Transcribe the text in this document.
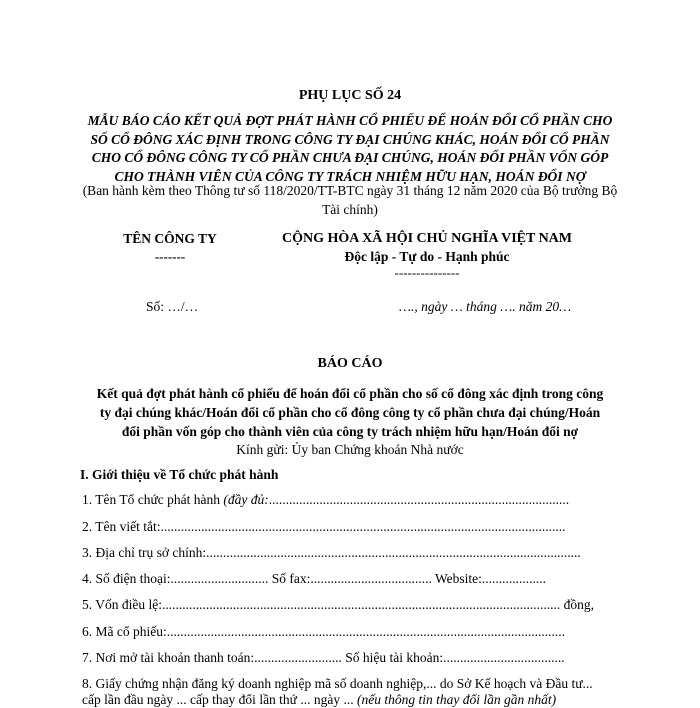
PHỤ LỤC SỐ 24
MẪU BÁO CÁO KẾT QUẢ ĐỢT PHÁT HÀNH CỔ PHIẾU ĐỂ HOÁN ĐỔI CỔ PHẦN CHO SỐ CỔ ĐÔNG XÁC ĐỊNH TRONG CÔNG TY ĐẠI CHÚNG KHÁC, HOÁN ĐỔI CỔ PHẦN CHO CỔ ĐÔNG CÔNG TY CỔ PHẦN CHƯA ĐẠI CHÚNG, HOÁN ĐỔI PHẦN VỐN GÓP CHO THÀNH VIÊN CỦA CÔNG TY TRÁCH NHIỆM HỮU HẠN, HOÁN ĐỔI NỢ
(Ban hành kèm theo Thông tư số 118/2020/TT-BTC ngày 31 tháng 12 năm 2020 của Bộ trưởng Bộ Tài chính)
TÊN CÔNG TY
-------
CỘNG HÒA XÃ HỘI CHỦ NGHĨA VIỆT NAM
Độc lập - Tự do - Hạnh phúc
---------------
Số: …/…	…., ngày … tháng …. năm 20…
BÁO CÁO
Kết quả đợt phát hành cổ phiếu để hoán đổi cổ phần cho số cổ đông xác định trong công ty đại chúng khác/Hoán đổi cổ phần cho cổ đông công ty cổ phần chưa đại chúng/Hoán đổi phần vốn góp cho thành viên của công ty trách nhiệm hữu hạn/Hoán đổi nợ
Kính gửi: Ủy ban Chứng khoán Nhà nước
I. Giới thiệu về Tổ chức phát hành
1. Tên Tổ chức phát hành (đầy đủ:.........................................................................................
2. Tên viết tắt:........................................................................................................................
3. Địa chỉ trụ sở chính:...............................................................................................................
4. Số điện thoại:............................. Số fax:.................................... Website:...................
5. Vốn điều lệ:...................................................................................................................... đồng,
6. Mã cổ phiếu:......................................................................................................................
7. Nơi mở tài khoản thanh toán:.......................... Số hiệu tài khoản:....................................
8. Giấy chứng nhận đăng ký doanh nghiệp mã số doanh nghiệp,... do Sở Kế hoạch và Đầu tư...
cấp lần đầu ngày ... cấp thay đổi lần thứ ... ngày ... (nếu thông tin thay đổi lần gần nhất)
